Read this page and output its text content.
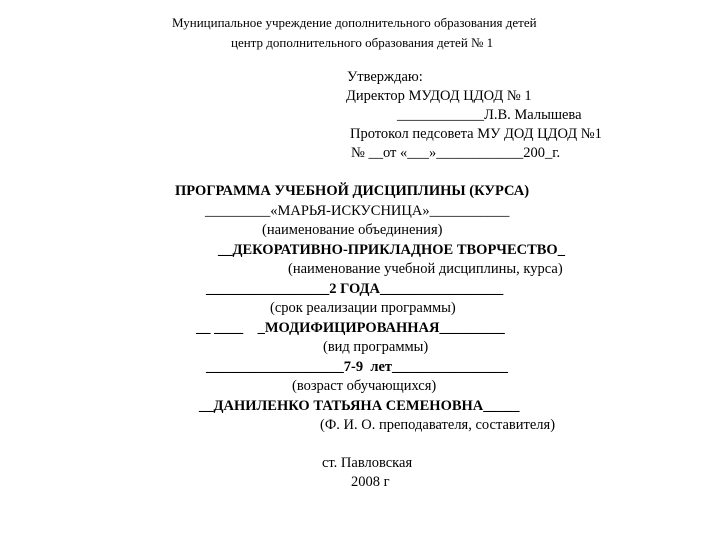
Муниципальное учреждение дополнительного образования детей
центр дополнительного образования детей № 1
Утверждаю:
Директор МУДОД ЦДОД № 1
____________Л.В. Малышева
Протокол педсовета МУ ДОД ЦДОД №1
№ __от «___»____________200_г.
ПРОГРАММА УЧЕБНОЙ ДИСЦИПЛИНЫ (КУРСА)
_________«МАРЬЯ-ИСКУСНИЦА»___________
(наименование объединения)
__ДЕКОРАТИВНО-ПРИКЛАДНОЕ ТВОРЧЕСТВО_
(наименование учебной дисциплины, курса)
_________________2 ГОДА_________________
(срок реализации программы)
__ ____    _МОДИФИЦИРОВАННАЯ_________
(вид программы)
___________________7-9  лет________________
(возраст обучающихся)
__ДАНИЛЕНКО ТАТЬЯНА СЕМЕНОВНА_____
(Ф. И. О. преподавателя, составителя)
ст. Павловская
2008 г
